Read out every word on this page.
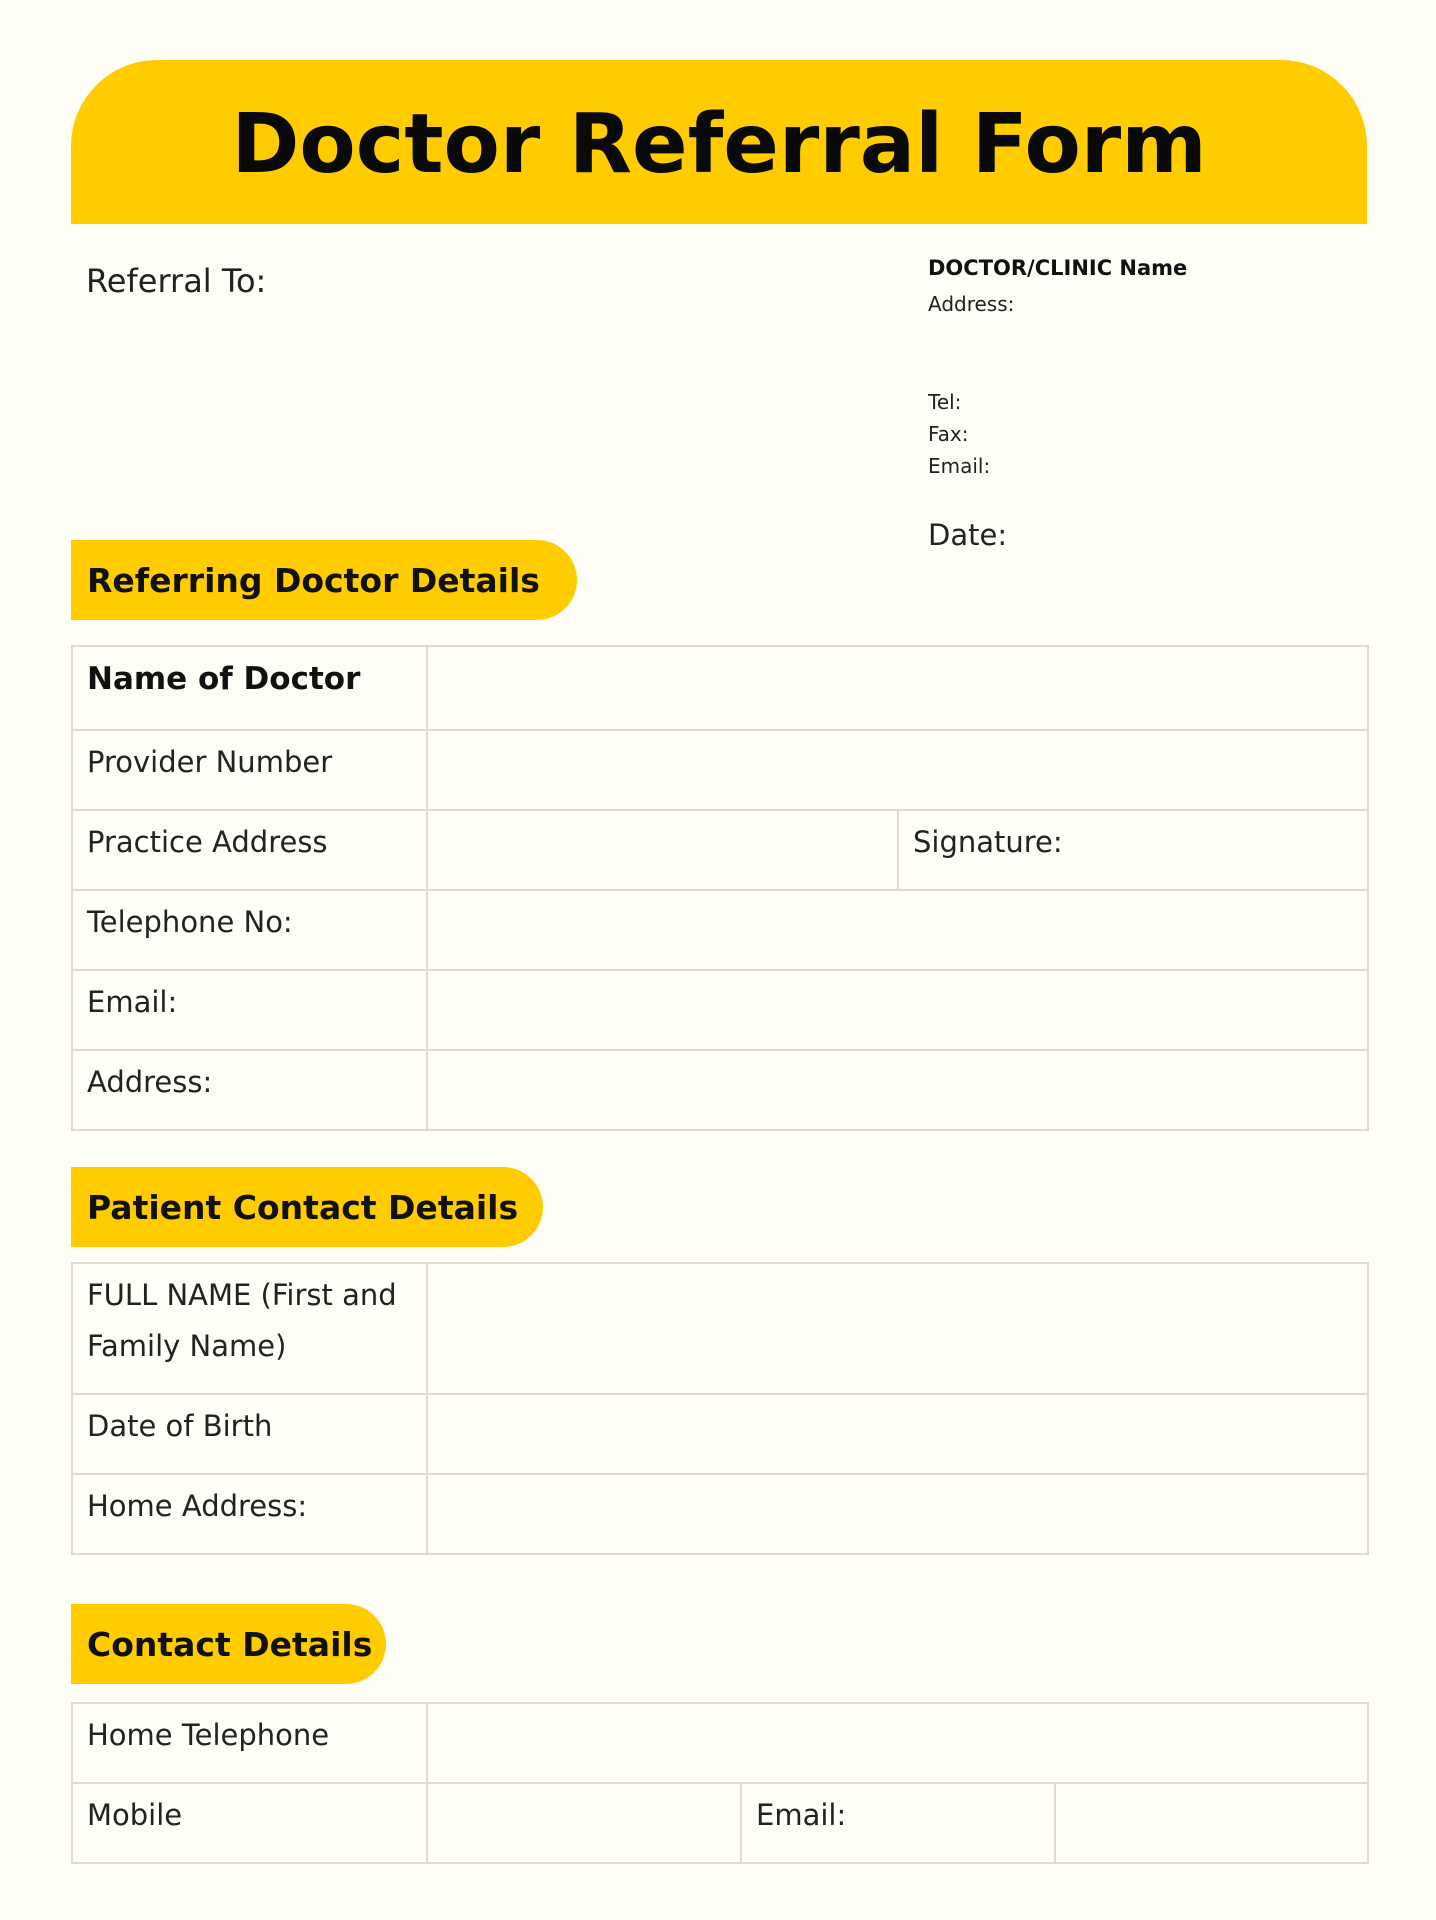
Doctor Referral Form
Referral To:	DOCTOR/CLINIC Name
Address:
Tel:
Fax:
Email:
Date:
Referring Doctor Details
Name of Doctor		
Provider Number		
Practice Address		Signature:
Telephone No:		
Email:		
Address:		
Patient Contact Details
FULL NAME (First and Family Name)	
Date of Birth	
Home Address:	
Contact Details
Home Telephone			
Mobile		Email:	
